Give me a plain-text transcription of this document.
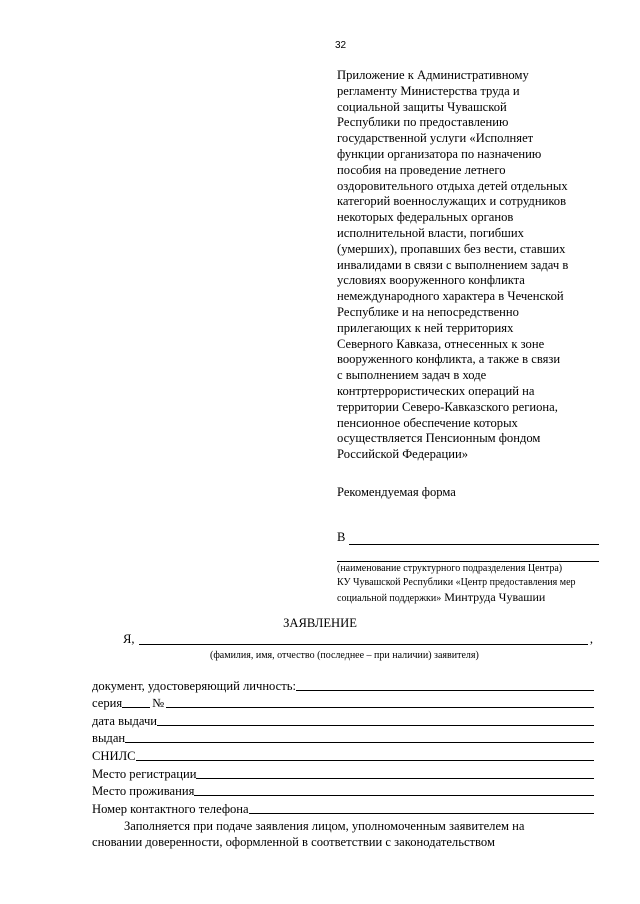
32
Приложение к Административному
регламенту Министерства труда и
социальной защиты Чувашской
Республики по предоставлению
государственной услуги «Исполняет
функции организатора по назначению
пособия на проведение летнего
оздоровительного отдыха детей отдельных
категорий военнослужащих и сотрудников
некоторых федеральных органов
исполнительной власти, погибших
(умерших), пропавших без вести, ставших
инвалидами в связи с выполнением задач в
условиях вооруженного конфликта
немеждународного характера в Чеченской
Республике и на непосредственно
прилегающих к ней территориях
Северного Кавказа, отнесенных к зоне
вооруженного конфликта, а также в связи
с выполнением задач в ходе
контртеррористических операций на
территории Северо-Кавказского региона,
пенсионное обеспечение которых
осуществляется Пенсионным фондом
Российской Федерации»
Рекомендуемая форма
В
(наименование структурного подразделения Центра)
КУ Чувашской Республики «Центр предоставления мер
социальной поддержки» Минтруда Чувашии
ЗАЯВЛЕНИЕ
Я,	,
(фамилия, имя, отчество (последнее – при наличии) заявителя)
документ, удостоверяющий личность:
серия №
дата выдачи
выдан
СНИЛС
Место регистрации
Место проживания
Номер контактного телефона
Заполняется при подаче заявления лицом, уполномоченным заявителем на
сновании доверенности, оформленной в соответствии с законодательством
